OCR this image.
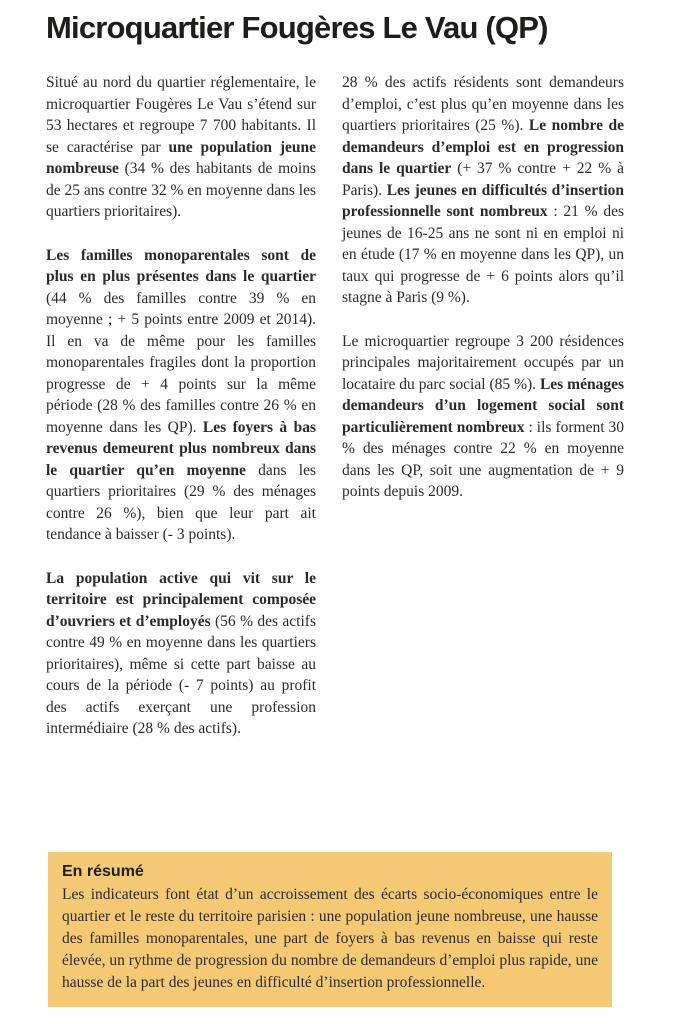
Microquartier Fougères Le Vau (QP)

Situé au nord du quartier réglementaire, le microquartier Fougères Le Vau s’étend sur 53 hectares et regroupe 7 700 habitants. Il se caractérise par une population jeune nombreuse (34 % des habitants de moins de 25 ans contre 32 % en moyenne dans les quartiers prioritaires).

Les familles monoparentales sont de plus en plus présentes dans le quartier (44 % des familles contre 39 % en moyenne ; + 5 points entre 2009 et 2014). Il en va de même pour les familles monoparentales fragiles dont la proportion progresse de + 4 points sur la même période (28 % des familles contre 26 % en moyenne dans les QP). Les foyers à bas revenus demeurent plus nombreux dans le quartier qu’en moyenne dans les quartiers prioritaires (29 % des ménages contre 26 %), bien que leur part ait tendance à baisser (- 3 points).

La population active qui vit sur le territoire est principalement composée d’ouvriers et d’employés (56 % des actifs contre 49 % en moyenne dans les quartiers prioritaires), même si cette part baisse au cours de la période (- 7 points) au profit des actifs exerçant une profession intermédiaire (28 % des actifs).

28 % des actifs résidents sont demandeurs d’emploi, c’est plus qu’en moyenne dans les quartiers prioritaires (25 %). Le nombre de demandeurs d’emploi est en progression dans le quartier (+ 37 % contre + 22 % à Paris). Les jeunes en difficultés d’insertion professionnelle sont nombreux : 21 % des jeunes de 16-25 ans ne sont ni en emploi ni en étude (17 % en moyenne dans les QP), un taux qui progresse de + 6 points alors qu’il stagne à Paris (9 %).

Le microquartier regroupe 3 200 résidences principales majoritairement occupés par un locataire du parc social (85 %). Les ménages demandeurs d’un logement social sont particulièrement nombreux : ils forment 30 % des ménages contre 22 % en moyenne dans les QP, soit une augmentation de + 9 points depuis 2009.

En résumé

Les indicateurs font état d’un accroissement des écarts socio-économiques entre le quartier et le reste du territoire parisien : une population jeune nombreuse, une hausse des familles monoparentales, une part de foyers à bas revenus en baisse qui reste élevée, un rythme de progression du nombre de demandeurs d’emploi plus rapide, une hausse de la part des jeunes en difficulté d’insertion professionnelle.
